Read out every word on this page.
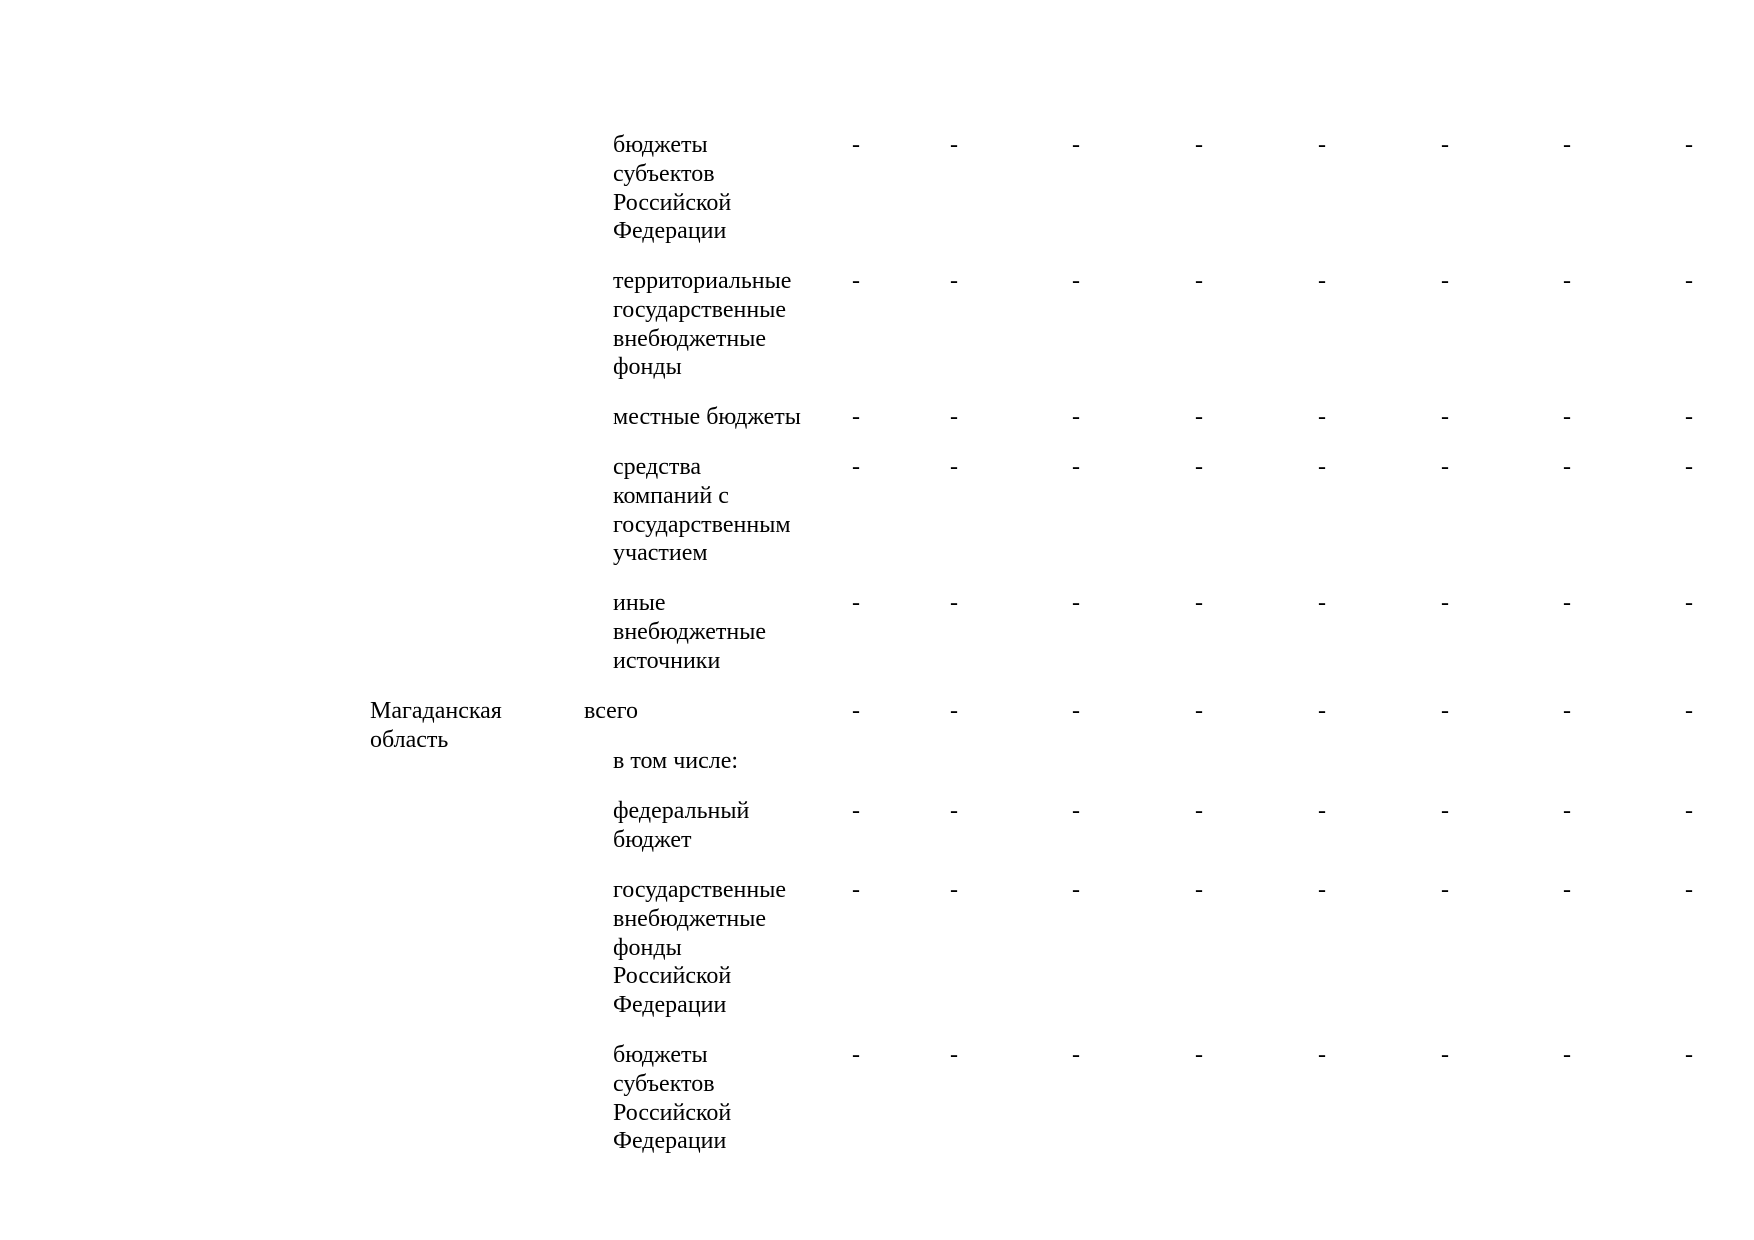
бюджеты
субъектов
Российской
Федерации
-	-	-	-	-	-	-	-
территориальные
государственные
внебюджетные
фонды
-	-	-	-	-	-	-	-
местные бюджеты -	-	-	-	-	-	-	-
средства
компаний с
государственным
участием
-	-	-	-	-	-	-	-
иные
внебюджетные
источники
-	-	-	-	-	-	-	-
Магаданская
область
всего	-	-	-	-	-	-	-	-
в том числе:
федеральный
бюджет
-	-	-	-	-	-	-	-
государственные
внебюджетные
фонды
Российской
Федерации
-	-	-	-	-	-	-	-
бюджеты
субъектов
Российской
Федерации
-	-	-	-	-	-	-	-
